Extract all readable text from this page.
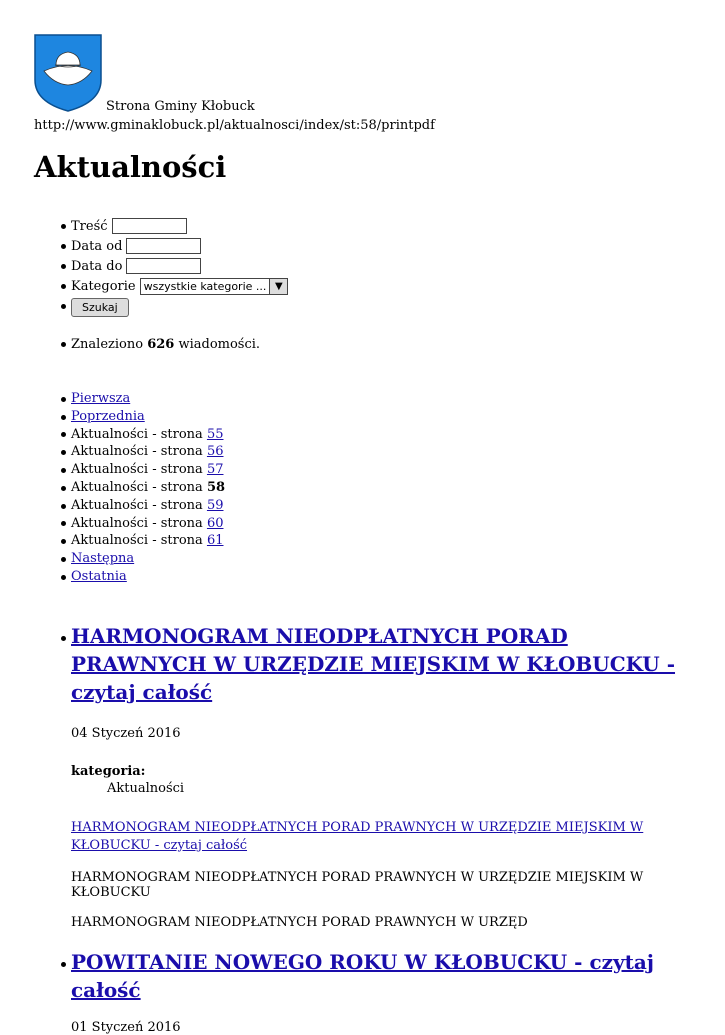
Strona Gminy Kłobuck
http://www.gminaklobuck.pl/aktualnosci/index/st:58/printpdf
Aktualności
Treść
Data od
Data do
Kategorie wszystkie kategorie ... ▼
Szukaj
Znaleziono
626
wiadomości.
Pierwsza
Poprzednia
Aktualności - strona 55
Aktualności - strona 56
Aktualności - strona 57
Aktualności - strona 58
Aktualności - strona 59
Aktualności - strona 60
Aktualności - strona 61
Następna
Ostatnia
HARMONOGRAM NIEODPŁATNYCH PORAD PRAWNYCH W URZĘDZIE MIEJSKIM W KŁOBUCKU - czytaj całość

04 Styczeń 2016

kategoria:

Aktualności

HARMONOGRAM NIEODPŁATNYCH PORAD PRAWNYCH W URZĘDZIE MIEJSKIM W KŁOBUCKU - czytaj całość

HARMONOGRAM NIEODPŁATNYCH PORAD PRAWNYCH W URZĘDZIE MIEJSKIM W KŁOBUCKU

HARMONOGRAM NIEODPŁATNYCH PORAD PRAWNYCH W URZĘD

POWITANIE NOWEGO ROKU W KŁOBUCKU - czytaj całość

01 Styczeń 2016
